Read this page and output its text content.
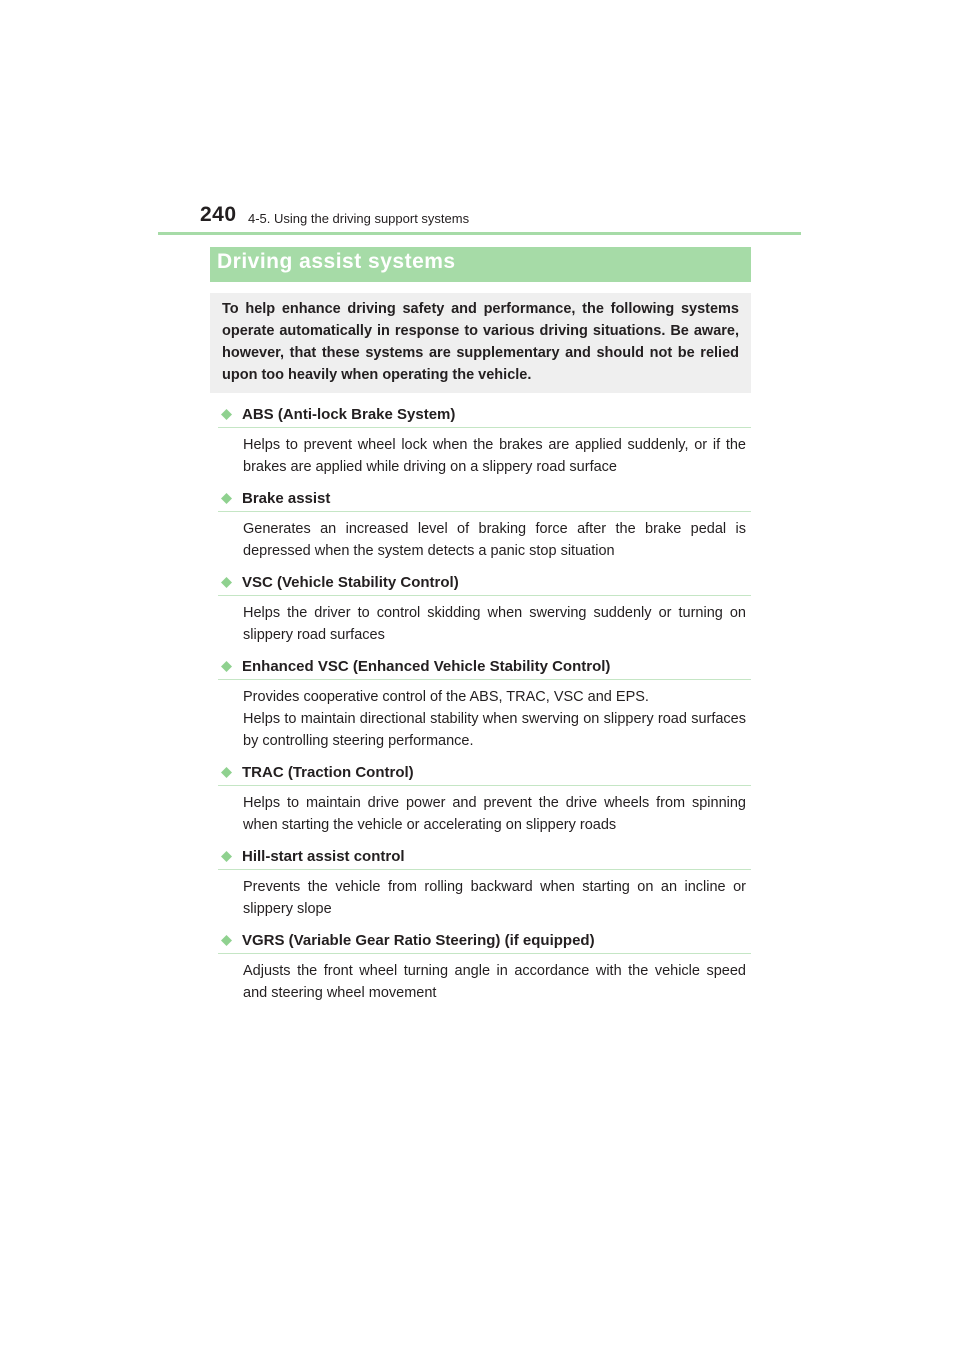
240 4-5. Using the driving support systems
Driving assist systems

To help enhance driving safety and performance, the following systems operate automatically in response to various driving situations. Be aware, however, that these systems are supplementary and should not be relied upon too heavily when operating the vehicle.

ABS (Anti-lock Brake System)

Helps to prevent wheel lock when the brakes are applied suddenly, or if the brakes are applied while driving on a slippery road surface

Brake assist

Generates an increased level of braking force after the brake pedal is depressed when the system detects a panic stop situation

VSC (Vehicle Stability Control)

Helps the driver to control skidding when swerving suddenly or turning on slippery road surfaces

Enhanced VSC (Enhanced Vehicle Stability Control)

Provides cooperative control of the ABS, TRAC, VSC and EPS.

Helps to maintain directional stability when swerving on slippery road surfaces by controlling steering performance.

TRAC (Traction Control)

Helps to maintain drive power and prevent the drive wheels from spinning when starting the vehicle or accelerating on slippery roads

Hill-start assist control

Prevents the vehicle from rolling backward when starting on an incline or slippery slope

VGRS (Variable Gear Ratio Steering) (if equipped)

Adjusts the front wheel turning angle in accordance with the vehicle speed and steering wheel movement
